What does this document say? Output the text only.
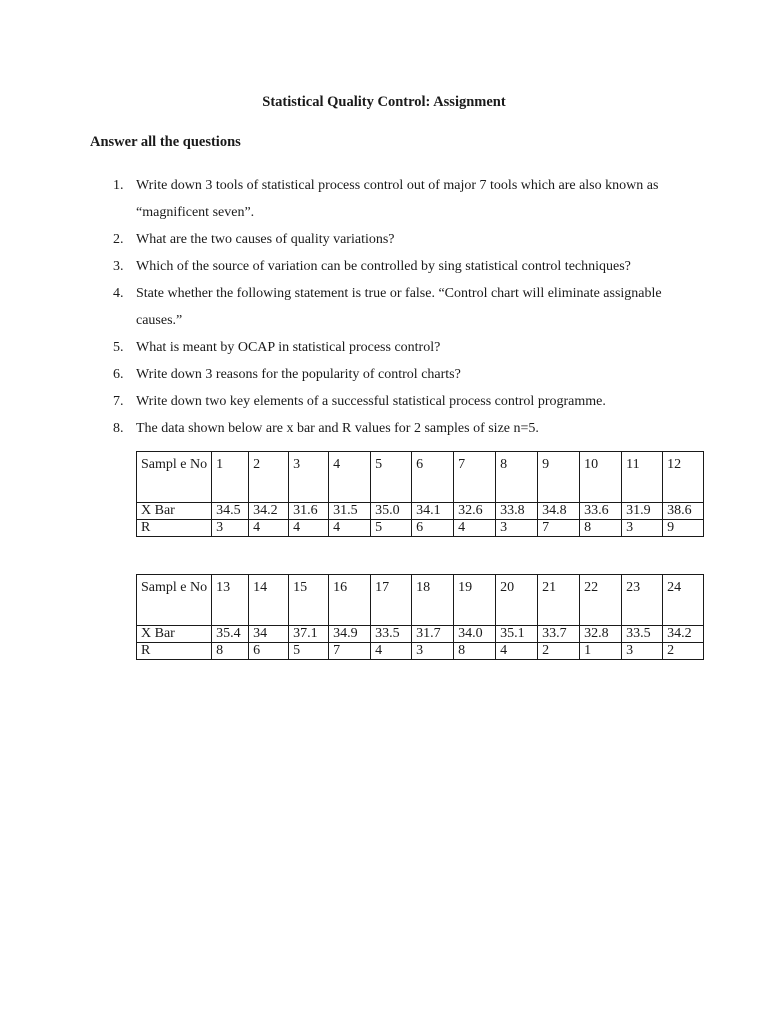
Statistical Quality Control: Assignment
Answer all the questions
1. Write down 3 tools of statistical process control out of major 7 tools which are also known as “magnificent seven”.
2. What are the two causes of quality variations?
3. Which of the source of variation can be controlled by sing statistical control techniques?
4. State whether the following statement is true or false. “Control chart will eliminate assignable causes.”
5. What is meant by OCAP in statistical process control?
6. Write down 3 reasons for the popularity of control charts?
7. Write down two key elements of a successful statistical process control programme.
8. The data shown below are x bar and R values for 2 samples of size n=5.
Sampl e No	1	2	3	4	5	6	7	8	9	10	11	12

X Bar	34.5	34.2	31.6	31.5	35.0	34.1	32.6	33.8	34.8	33.6	31.9	38.6
R	3	4	4	4	5	6	4	3	7	8	3	9
Sampl e No	13	14	15	16	17	18	19	20	21	22	23	24

X Bar	35.4	34	37.1	34.9	33.5	31.7	34.0	35.1	33.7	32.8	33.5	34.2
R	8	6	5	7	4	3	8	4	2	1	3	2
